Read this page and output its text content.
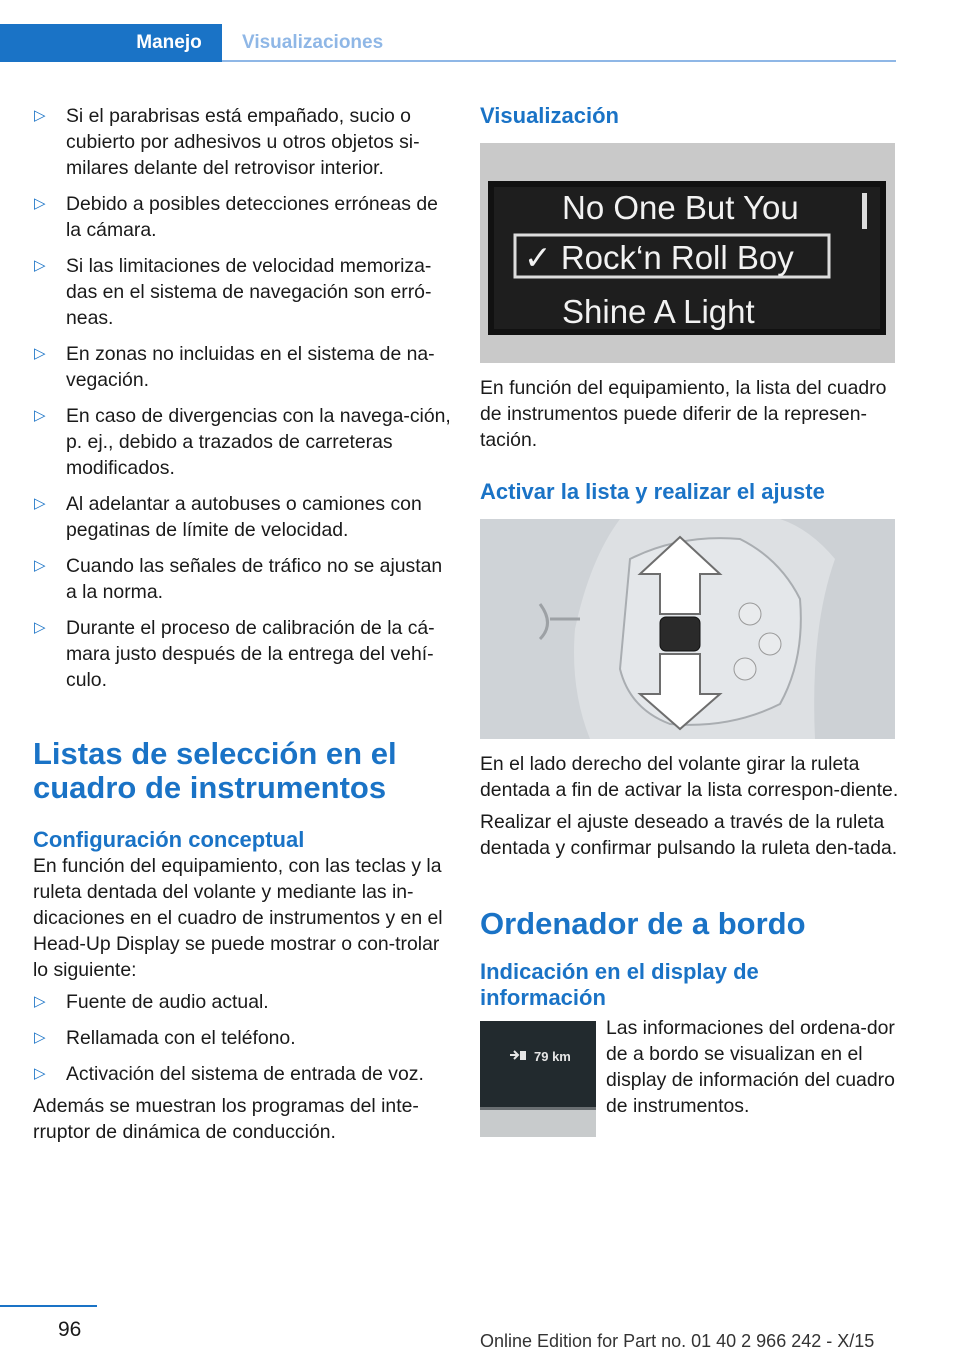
Manejo	Visualizaciones
▷ Si el parabrisas está empañado, sucio o cubierto por adhesivos u otros objetos si-milares delante del retrovisor interior.
▷ Debido a posibles detecciones erróneas de la cámara.
▷ Si las limitaciones de velocidad memoriza-das en el sistema de navegación son erró-neas.
▷ En zonas no incluidas en el sistema de na-vegación.
▷ En caso de divergencias con la navega-ción, p. ej., debido a trazados de carreteras modificados.
▷ Al adelantar a autobuses o camiones con pegatinas de límite de velocidad.
▷ Cuando las señales de tráfico no se ajustan a la norma.
▷ Durante el proceso de calibración de la cá-mara justo después de la entrega del vehí-culo.
Listas de selección en el cuadro de instrumentos
Configuración conceptual

En función del equipamiento, con las teclas y la ruleta dentada del volante y mediante las in-dicaciones en el cuadro de instrumentos y en el Head-Up Display se puede mostrar o con-trolar lo siguiente:

▷ Fuente de audio actual.
▷ Rellamada con el teléfono.
▷ Activación del sistema de entrada de voz.

Además se muestran los programas del inte-rruptor de dinámica de conducción.

Visualización
No One But You
✓ Rock‘n Roll Boy
Shine A Light

En función del equipamiento, la lista del cuadro de instrumentos puede diferir de la represen-tación.

Activar la lista y realizar el ajuste

En el lado derecho del volante girar la ruleta dentada a fin de activar la lista correspon-diente.

Realizar el ajuste deseado a través de la ruleta dentada y confirmar pulsando la ruleta den-tada.

Ordenador de a bordo
Indicación en el display de información
79 km

Las informaciones del ordena-dor de a bordo se visualizan en el display de información del cuadro de instrumentos.

96	Online Edition for Part no. 01 40 2 966 242 - X/15
